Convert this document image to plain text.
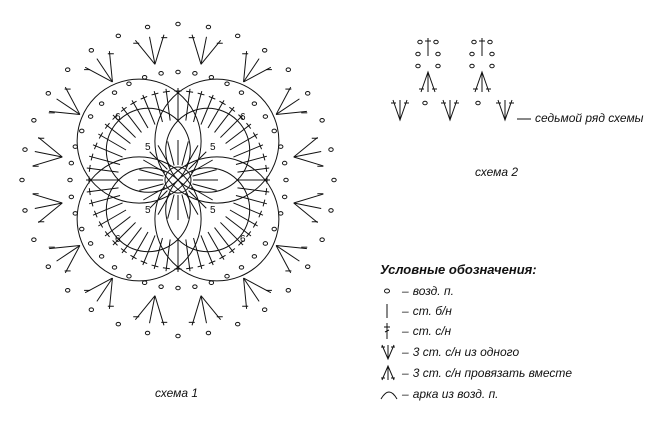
5
5
5
5
6
6
6
6
схема 2
седьмой ряд схемы
схема 1
Условные обозначения:
– возд. п.
– ст. б/н
– ст. с/н
– 3 ст. с/н из одного
– 3 ст. с/н провязать вместе
– арка из возд. п.
